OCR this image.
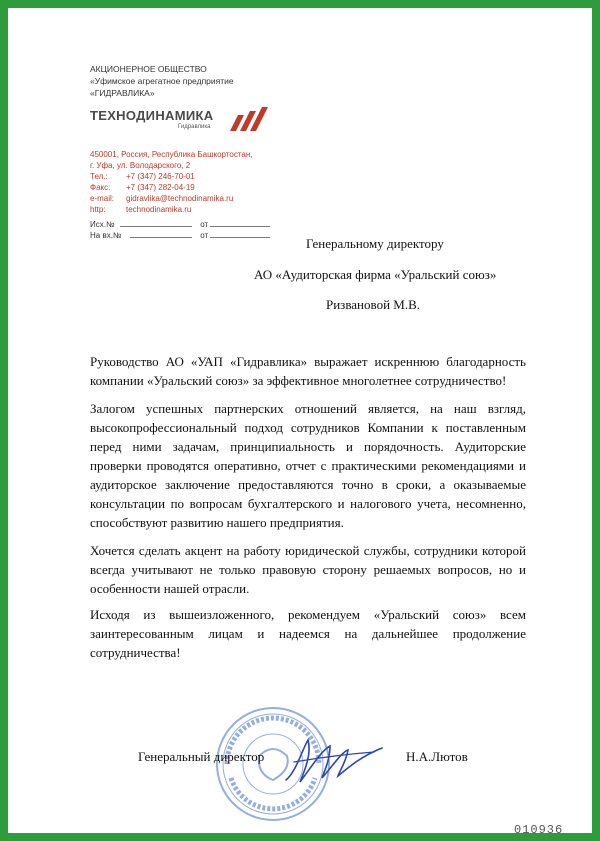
АКЦИОНЕРНОЕ ОБЩЕСТВО
«Уфимское агрегатное предприятие
«ГИДРАВЛИКА»
ТЕХНОДИНАМИКА
Гидравлика
450001, Россия, Республика Башкортостан,
г. Уфа, ул. Володарского, 2
Тел.: +7 (347) 246-70-01
Факс: +7 (347) 282-04-19
e-mail: gidravlika@technodinamika.ru
http:	technodinamika.ru
Исх.№	от
На вх.№	от
Генеральному директору
АО «Аудиторская фирма «Уральский союз»
Ризвановой М.В.
Руководство АО «УАП «Гидравлика» выражает искреннюю благодарность компании «Уральский союз» за эффективное многолетнее сотрудничество!
Залогом успешных партнерских отношений является, на наш взгляд, высокопрофессиональный подход сотрудников Компании к поставленным перед ними задачам, принципиальность и порядочность. Аудиторские проверки проводятся оперативно, отчет с практическими рекомендациями и аудиторское заключение предоставляются точно в сроки, а оказываемые консультации по вопросам бухгалтерского и налогового учета, несомненно, способствуют развитию нашего предприятия.
Хочется сделать акцент на работу юридической службы, сотрудники которой всегда учитывают не только правовую сторону решаемых вопросов, но и особенности нашей отрасли.
Исходя из вышеизложенного, рекомендуем «Уральский союз» всем заинтересованным лицам и надеемся на дальнейшее продолжение сотрудничества!
Генеральный директор	Н.А.Лютов
010936
